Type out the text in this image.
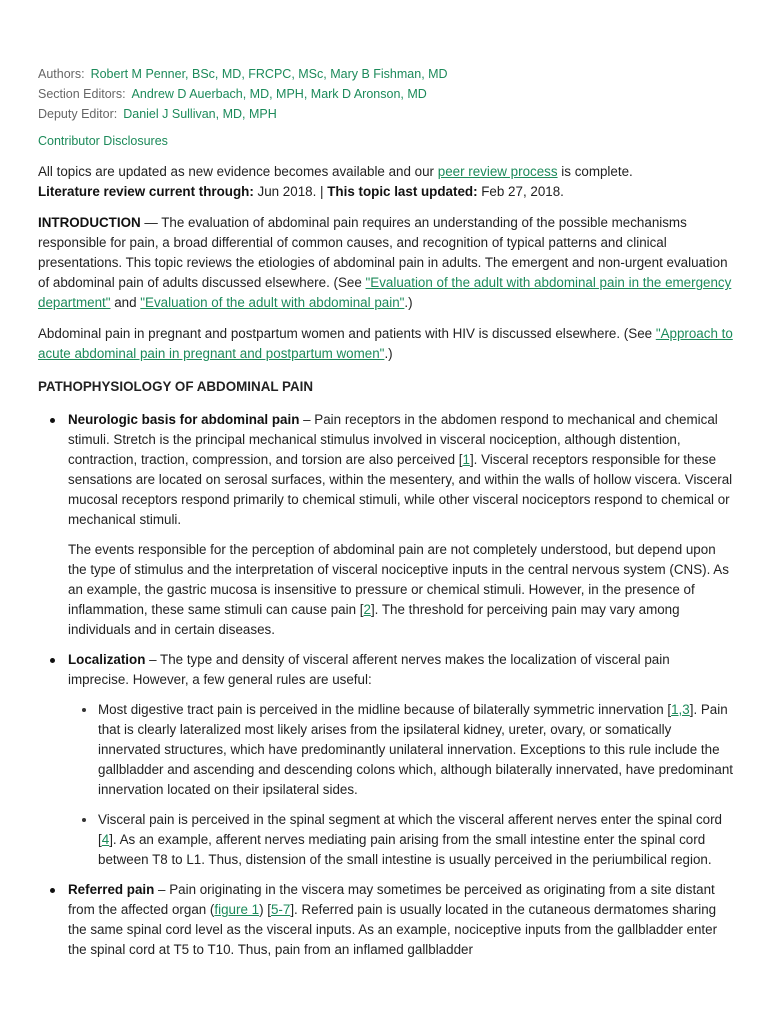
Authors: Robert M Penner, BSc, MD, FRCPC, MSc, Mary B Fishman, MD
Section Editors: Andrew D Auerbach, MD, MPH, Mark D Aronson, MD
Deputy Editor: Daniel J Sullivan, MD, MPH
Contributor Disclosures

All topics are updated as new evidence becomes available and our peer review process is complete.
Literature review current through: Jun 2018. | This topic last updated: Feb 27, 2018.

INTRODUCTION — The evaluation of abdominal pain requires an understanding of the possible mechanisms responsible for pain, a broad differential of common causes, and recognition of typical patterns and clinical presentations. This topic reviews the etiologies of abdominal pain in adults. The emergent and non-urgent evaluation of abdominal pain of adults discussed elsewhere. (See "Evaluation of the adult with abdominal pain in the emergency department" and "Evaluation of the adult with abdominal pain".)

Abdominal pain in pregnant and postpartum women and patients with HIV is discussed elsewhere. (See "Approach to acute abdominal pain in pregnant and postpartum women".)

PATHOPHYSIOLOGY OF ABDOMINAL PAIN

Neurologic basis for abdominal pain – Pain receptors in the abdomen respond to mechanical and chemical stimuli. Stretch is the principal mechanical stimulus involved in visceral nociception, although distention, contraction, traction, compression, and torsion are also perceived [1]. Visceral receptors responsible for these sensations are located on serosal surfaces, within the mesentery, and within the walls of hollow viscera. Visceral mucosal receptors respond primarily to chemical stimuli, while other visceral nociceptors respond to chemical or mechanical stimuli.

The events responsible for the perception of abdominal pain are not completely understood, but depend upon the type of stimulus and the interpretation of visceral nociceptive inputs in the central nervous system (CNS). As an example, the gastric mucosa is insensitive to pressure or chemical stimuli. However, in the presence of inflammation, these same stimuli can cause pain [2]. The threshold for perceiving pain may vary among individuals and in certain diseases.

Localization – The type and density of visceral afferent nerves makes the localization of visceral pain imprecise. However, a few general rules are useful:

Most digestive tract pain is perceived in the midline because of bilaterally symmetric innervation [1,3]. Pain that is clearly lateralized most likely arises from the ipsilateral kidney, ureter, ovary, or somatically innervated structures, which have predominantly unilateral innervation. Exceptions to this rule include the gallbladder and ascending and descending colons which, although bilaterally innervated, have predominant innervation located on their ipsilateral sides.

Visceral pain is perceived in the spinal segment at which the visceral afferent nerves enter the spinal cord [4]. As an example, afferent nerves mediating pain arising from the small intestine enter the spinal cord between T8 to L1. Thus, distension of the small intestine is usually perceived in the periumbilical region.

Referred pain – Pain originating in the viscera may sometimes be perceived as originating from a site distant from the affected organ (figure 1) [5-7]. Referred pain is usually located in the cutaneous dermatomes sharing the same spinal cord level as the visceral inputs. As an example, nociceptive inputs from the gallbladder enter the spinal cord at T5 to T10. Thus, pain from an inflamed gallbladder
